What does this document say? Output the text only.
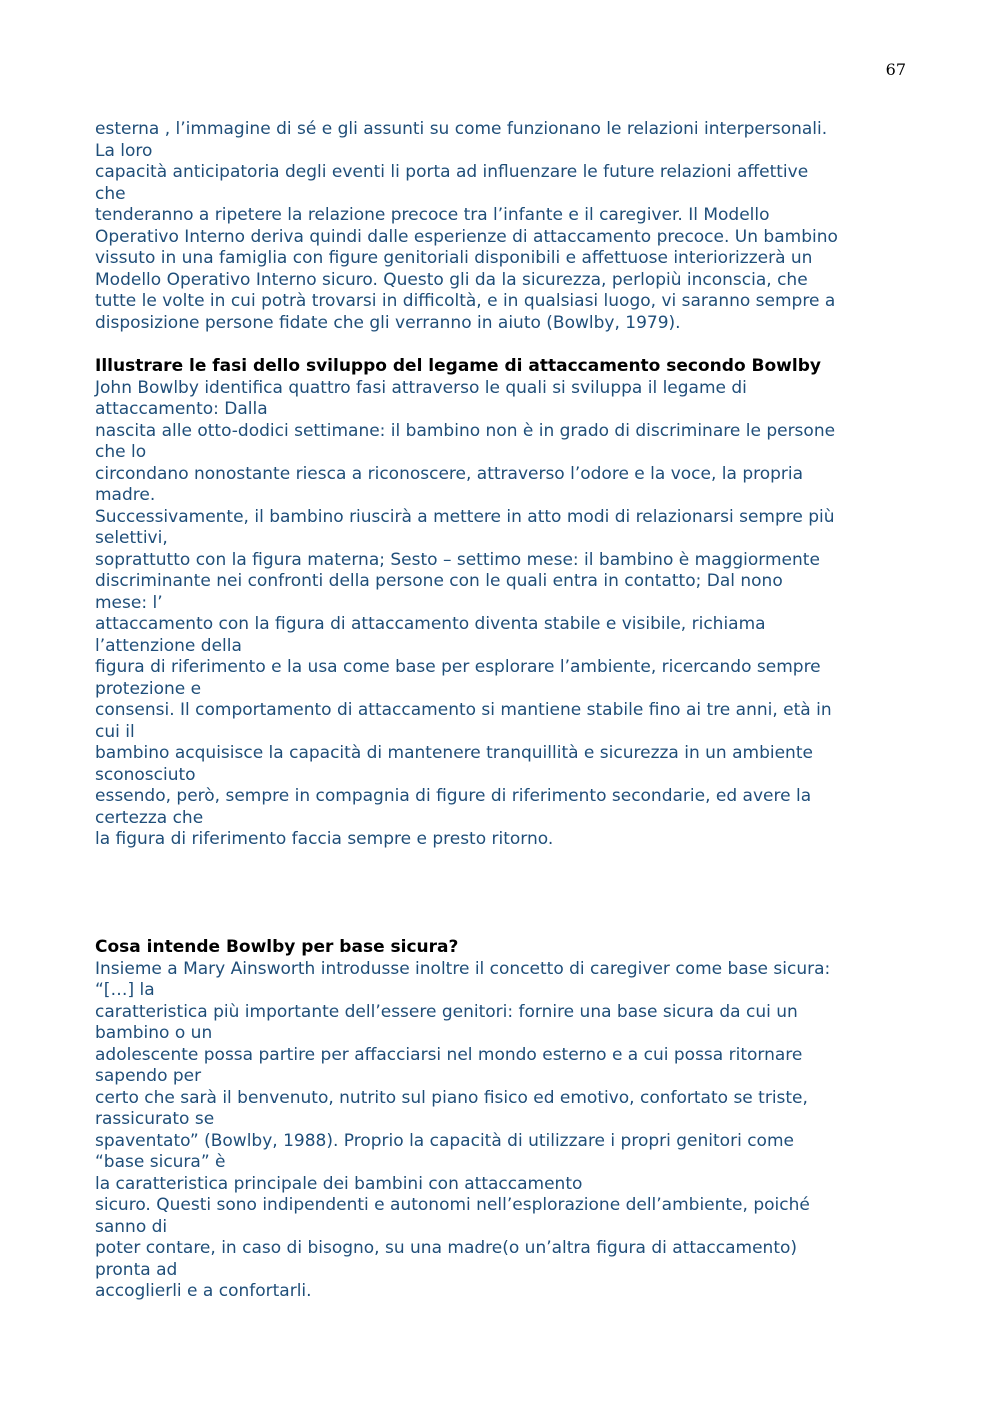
67
esterna , l’immagine di sé e gli assunti su come funzionano le relazioni interpersonali.
La loro
capacità anticipatoria degli eventi li porta ad influenzare le future relazioni affettive
che
tenderanno a ripetere la relazione precoce tra l’infante e il caregiver. Il Modello
Operativo Interno deriva quindi dalle esperienze di attaccamento precoce. Un bambino
vissuto in una famiglia con figure genitoriali disponibili e affettuose interiorizzerà un
Modello Operativo Interno sicuro. Questo gli da la sicurezza, perlopiù inconscia, che
tutte le volte in cui potrà trovarsi in difficoltà, e in qualsiasi luogo, vi saranno sempre a
disposizione persone fidate che gli verranno in aiuto (Bowlby, 1979).
Illustrare le fasi dello sviluppo del legame di attaccamento secondo Bowlby
John Bowlby identifica quattro fasi attraverso le quali si sviluppa il legame di
attaccamento: Dalla
nascita alle otto-dodici settimane: il bambino non è in grado di discriminare le persone
che lo
circondano nonostante riesca a riconoscere, attraverso l’odore e la voce, la propria
madre.
Successivamente, il bambino riuscirà a mettere in atto modi di relazionarsi sempre più
selettivi,
soprattutto con la figura materna; Sesto – settimo mese: il bambino è maggiormente
discriminante nei confronti della persone con le quali entra in contatto; Dal nono
mese: l’
attaccamento con la figura di attaccamento diventa stabile e visibile, richiama
l’attenzione della
figura di riferimento e la usa come base per esplorare l’ambiente, ricercando sempre
protezione e
consensi. Il comportamento di attaccamento si mantiene stabile fino ai tre anni, età in
cui il
bambino acquisisce la capacità di mantenere tranquillità e sicurezza in un ambiente
sconosciuto
essendo, però, sempre in compagnia di figure di riferimento secondarie, ed avere la
certezza che
la figura di riferimento faccia sempre e presto ritorno.
Cosa intende Bowlby per base sicura?
Insieme a Mary Ainsworth introdusse inoltre il concetto di caregiver come base sicura:
“[…] la
caratteristica più importante dell’essere genitori: fornire una base sicura da cui un
bambino o un
adolescente possa partire per affacciarsi nel mondo esterno e a cui possa ritornare
sapendo per
certo che sarà il benvenuto, nutrito sul piano fisico ed emotivo, confortato se triste,
rassicurato se
spaventato” (Bowlby, 1988). Proprio la capacità di utilizzare i propri genitori come
“base sicura” è
la caratteristica principale dei bambini con attaccamento
sicuro. Questi sono indipendenti e autonomi nell’esplorazione dell’ambiente, poiché
sanno di
poter contare, in caso di bisogno, su una madre(o un’altra figura di attaccamento)
pronta ad
accoglierli e a confortarli.
